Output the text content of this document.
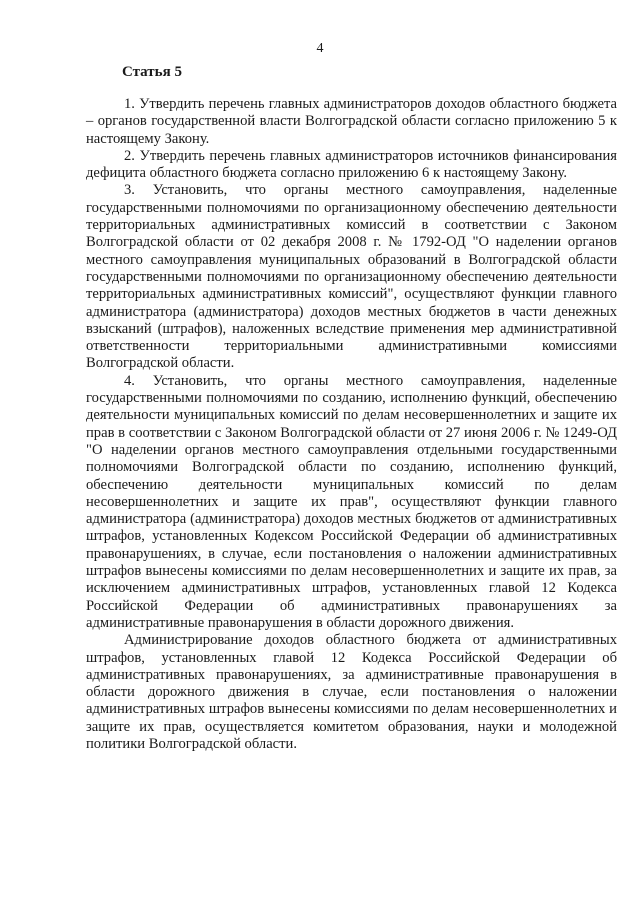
4
Статья 5

1. Утвердить перечень главных администраторов доходов областного бюджета – органов государственной власти Волгоградской области согласно приложению 5 к настоящему Закону.

2. Утвердить перечень главных администраторов источников финансирования дефицита областного бюджета согласно приложению 6 к настоящему Закону.

3. Установить, что органы местного самоуправления, наделенные государственными полномочиями по организационному обеспечению деятельности территориальных административных комиссий в соответствии с Законом Волгоградской области от 02 декабря 2008 г. № 1792-ОД "О наделении органов местного самоуправления муниципальных образований в Волгоградской области государственными полномочиями по организационному обеспечению деятельности территориальных административных комиссий", осуществляют функции главного администратора (администратора) доходов местных бюджетов в части денежных взысканий (штрафов), наложенных вследствие применения мер административной ответственности территориальными административными комиссиями Волгоградской области.

4. Установить, что органы местного самоуправления, наделенные государственными полномочиями по созданию, исполнению функций, обеспечению деятельности муниципальных комиссий по делам несовершеннолетних и защите их прав в соответствии с Законом Волгоградской области от 27 июня 2006 г. № 1249-ОД "О наделении органов местного самоуправления отдельными государственными полномочиями Волгоградской области по созданию, исполнению функций, обеспечению деятельности муниципальных комиссий по делам несовершеннолетних и защите их прав", осуществляют функции главного администратора (администратора) доходов местных бюджетов от административных штрафов, установленных Кодексом Российской Федерации об административных правонарушениях, в случае, если постановления о наложении административных штрафов вынесены комиссиями по делам несовершеннолетних и защите их прав, за исключением административных штрафов, установленных главой 12 Кодекса Российской Федерации об административных правонарушениях за административные правонарушения в области дорожного движения.

Администрирование доходов областного бюджета от административных штрафов, установленных главой 12 Кодекса Российской Федерации об административных правонарушениях, за административные правонарушения в области дорожного движения в случае, если постановления о наложении административных штрафов вынесены комиссиями по делам несовершеннолетних и защите их прав, осуществляется комитетом образования, науки и молодежной политики Волгоградской области.
